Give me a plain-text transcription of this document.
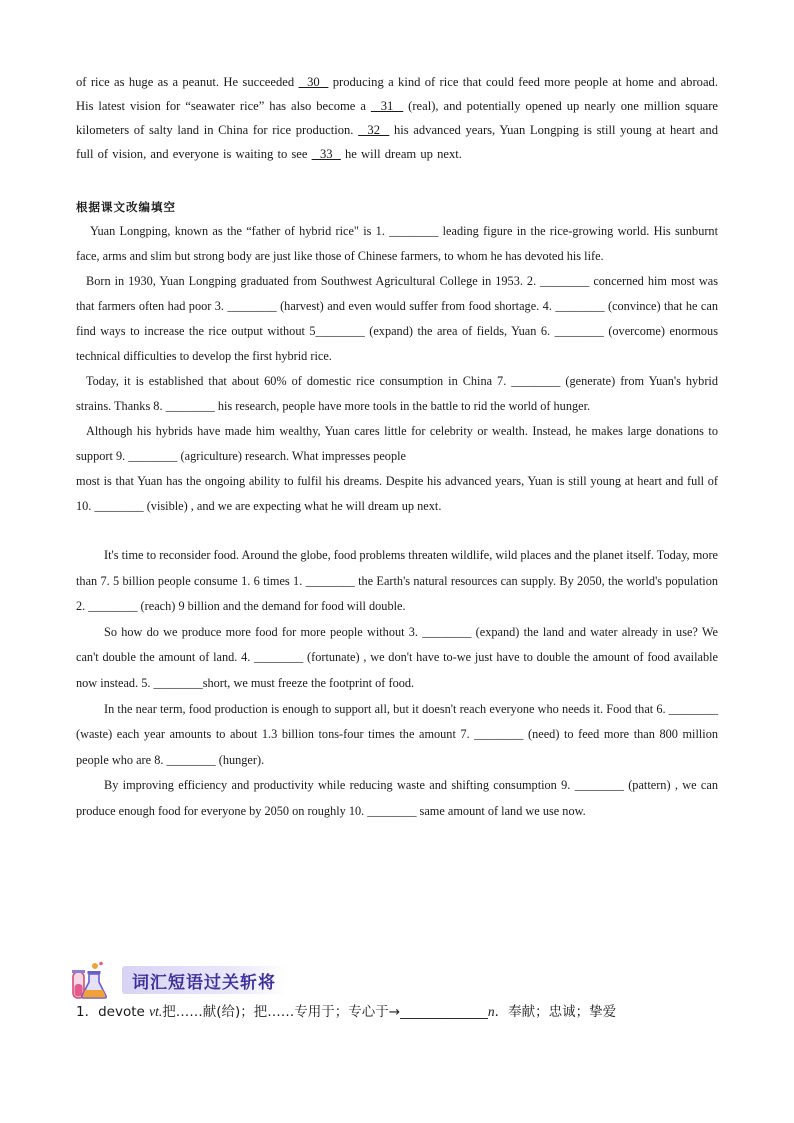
of rice as huge as a peanut. He succeeded   30   producing a kind of rice that could feed more people at home and abroad. His latest vision for “seawater rice” has also become a   31   (real), and potentially opened up nearly one million square kilometers of salty land in China for rice production.   32   his advanced years, Yuan Longping is still young at heart and full of vision, and everyone is waiting to see   33   he will dream up next.

根据课文改编填空

Yuan Longping, known as the “father of hybrid rice" is 1. ________ leading figure in the rice-growing world. His sunburnt face, arms and slim but strong body are just like those of Chinese farmers, to whom he has devoted his life.

Born in 1930, Yuan Longping graduated from Southwest Agricultural College in 1953. 2. ________ concerned him most was that farmers often had poor 3. ________ (harvest) and even would suffer from food shortage. 4. ________ (convince) that he can find ways to increase the rice output without 5________ (expand) the area of fields, Yuan 6. ________ (overcome) enormous technical difficulties to develop the first hybrid rice.

Today, it is established that about 60% of domestic rice consumption in China 7. ________ (generate) from Yuan's hybrid strains. Thanks 8. ________ his research, people have more tools in the battle to rid the world of hunger.

Although his hybrids have made him wealthy, Yuan cares little for celebrity or wealth. Instead, he makes large donations to support 9. ________ (agriculture) research. What impresses people

most is that Yuan has the ongoing ability to fulfil his dreams. Despite his advanced years, Yuan is still young at heart and full of 10. ________ (visible) , and we are expecting what he will dream up next.

It's time to reconsider food. Around the globe, food problems threaten wildlife, wild places and the planet itself. Today, more than 7. 5 billion people consume 1. 6 times 1. ________ the Earth's natural resources can supply. By 2050, the world's population 2. ________ (reach) 9 billion and the demand for food will double.

So how do we produce more food for more people without 3. ________ (expand) the land and water already in use? We can't double the amount of land. 4. ________ (fortunate) , we don't have to-we just have to double the amount of food available now instead. 5. ________short, we must freeze the footprint of food.

In the near term, food production is enough to support all, but it doesn't reach everyone who needs it. Food that 6. ________ (waste) each year amounts to about 1.3 billion tons-four times the amount 7. ________ (need) to feed more than 800 million people who are 8. ________ (hunger).

By improving efficiency and productivity while reducing waste and shifting consumption 9. ________ (pattern) , we can produce enough food for everyone by 2050 on roughly 10. ________ same amount of land we use now.

词汇短语过关斩将
1．devote vt.把……献(给)；把……专用于；专心于→_____________n．奉献；忠诚；挚爱
